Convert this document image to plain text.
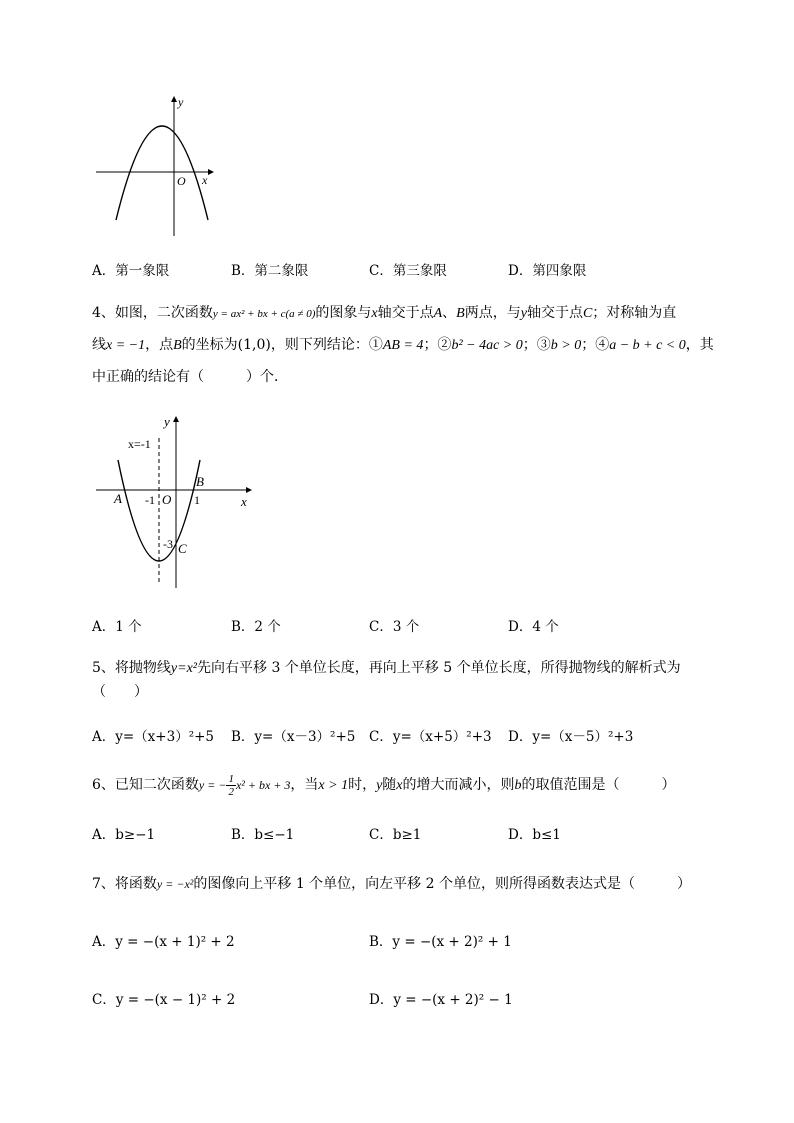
y
x
O
A．第一象限	B．第二象限	C．第三象限	D．第四象限
4、如图，二次函数y = ax² + bx + c(a ≠ 0)的图象与x轴交于点A、B两点，与y轴交于点C；对称轴为直
线x = −1，点B的坐标为(1,0)，则下列结论：①AB = 4；②b² − 4ac > 0；③b > 0；④a − b + c < 0，其
中正确的结论有（　　　）个．
y
x
x=-1
A
B
C
O
-1	1
-3
A．1 个	B．2 个	C．3 个	D．4 个
5、将抛物线y=x²先向右平移 3 个单位长度，再向上平移 5 个单位长度，所得抛物线的解析式为
（　　）
A．y=（x+3）²+5 B．y=（x－3）²+5 C．y=（x+5）²+3 D．y=（x－5）²+3
6、已知二次函数y = − $\frac{1}{2} x^2$ + bx + 3，当x > 1时，y随x的增大而减小，则b的取值范围是（　　　）
A．b≥−1	B．b≤−1	C．b≥1	D．b≤1
7、将函数y = −x²的图像向上平移 1 个单位，向左平移 2 个单位，则所得函数表达式是（　　　）
A．y = −(x + 1)² + 2	B．y = −(x + 2)² + 1
C．y = −(x − 1)² + 2	D．y = −(x + 2)² − 1
